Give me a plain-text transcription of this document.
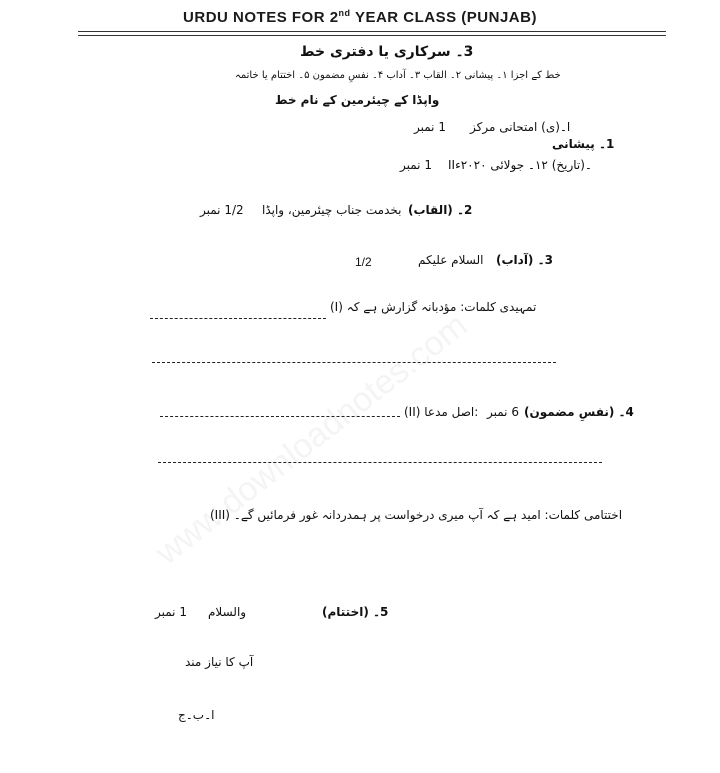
URDU NOTES FOR 2nd YEAR CLASS (PUNJAB)
3۔ سرکاری یا دفتری خط
خط کے اجزا ۱۔ پیشانی ۲۔ القاب ۳۔ آداب ۴۔ نفسِ مضمون ۵۔ اختتام یا خاتمہ
واپڈا کے چیئرمین کے نام خط
1 نمبر ا۔(ی) امتحانی مرکز
1۔ پیشانی
1 نمبر II۔(تاریخ) ۱۲۔ جولائی ۲۰۲۰ء
1/2 نمبر بخدمت جناب چیئرمین، واپڈا 2۔ (القاب)
1/2	السلام علیکم 3۔ (آداب)
(I) تمہیدی کلمات: مؤدبانہ گزارش ہے کہ
(II) اصل مدعا: 6 نمبر 4۔ (نفسِ مضمون)
(III) اختتامی کلمات: امید ہے کہ آپ میری درخواست پر ہمدردانہ غور فرمائیں گے۔
1 نمبر والسلام	5۔ (اختتام)
آپ کا نیاز مند
ا۔ب۔ج
